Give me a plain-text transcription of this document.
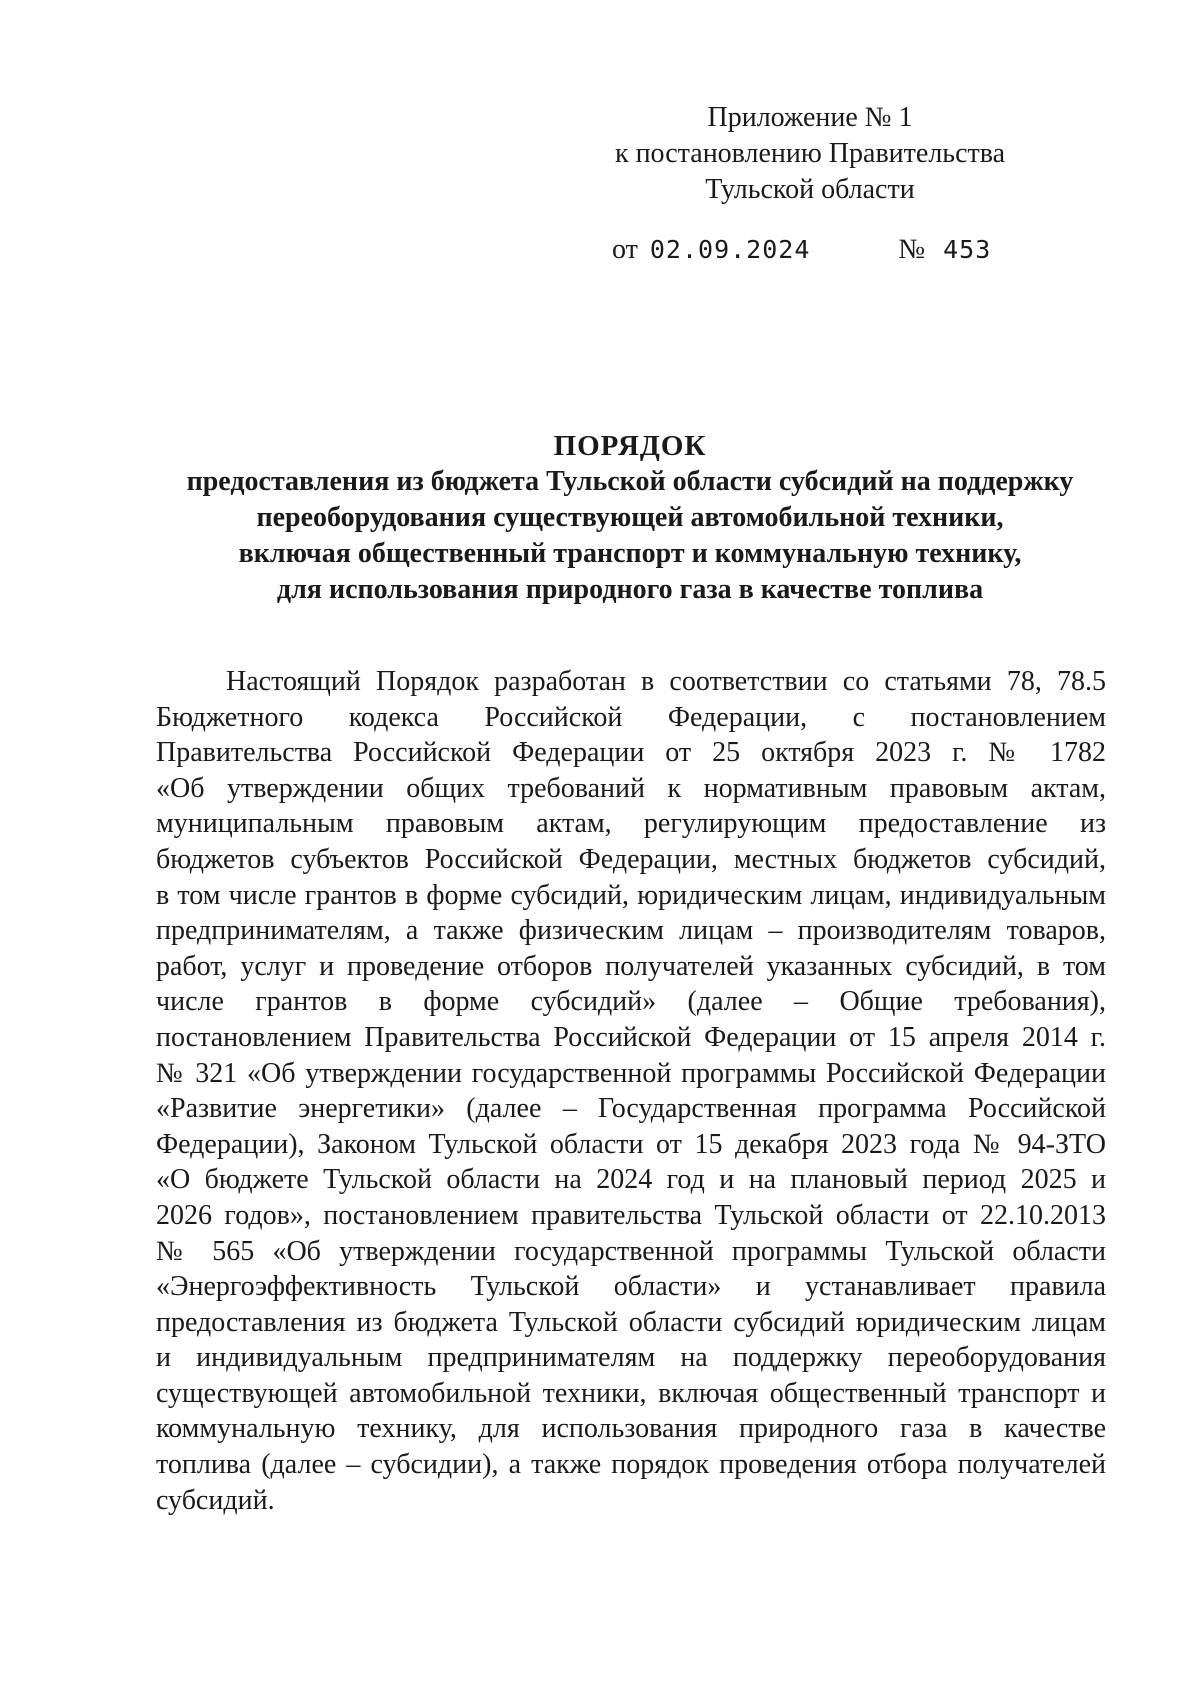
Приложение № 1
к постановлению Правительства
Тульской области
от 02.09.2024	№ 453
ПОРЯДОК
предоставления из бюджета Тульской области субсидий на поддержку
переоборудования существующей автомобильной техники,
включая общественный транспорт и коммунальную технику,
для использования природного газа в качестве топлива
Настоящий Порядок разработан в соответствии со статьями 78, 78.5
Бюджетного кодекса Российской Федерации, с постановлением
Правительства Российской Федерации от 25 октября 2023 г. № 1782
«Об утверждении общих требований к нормативным правовым актам,
муниципальным правовым актам, регулирующим предоставление из
бюджетов субъектов Российской Федерации, местных бюджетов субсидий,
в том числе грантов в форме субсидий, юридическим лицам, индивидуальным
предпринимателям, а также физическим лицам – производителям товаров,
работ, услуг и проведение отборов получателей указанных субсидий, в том
числе грантов в форме субсидий» (далее – Общие требования),
постановлением Правительства Российской Федерации от 15 апреля 2014 г.
№ 321 «Об утверждении государственной программы Российской Федерации
«Развитие энергетики» (далее – Государственная программа Российской
Федерации), Законом Тульской области от 15 декабря 2023 года № 94-ЗТО
«О бюджете Тульской области на 2024 год и на плановый период 2025 и
2026 годов», постановлением правительства Тульской области от 22.10.2013
№ 565 «Об утверждении государственной программы Тульской области
«Энергоэффективность Тульской области» и устанавливает правила
предоставления из бюджета Тульской области субсидий юридическим лицам
и индивидуальным предпринимателям на поддержку переоборудования
существующей автомобильной техники, включая общественный транспорт и
коммунальную технику, для использования природного газа в качестве
топлива (далее – субсидии), а также порядок проведения отбора получателей
субсидий.
